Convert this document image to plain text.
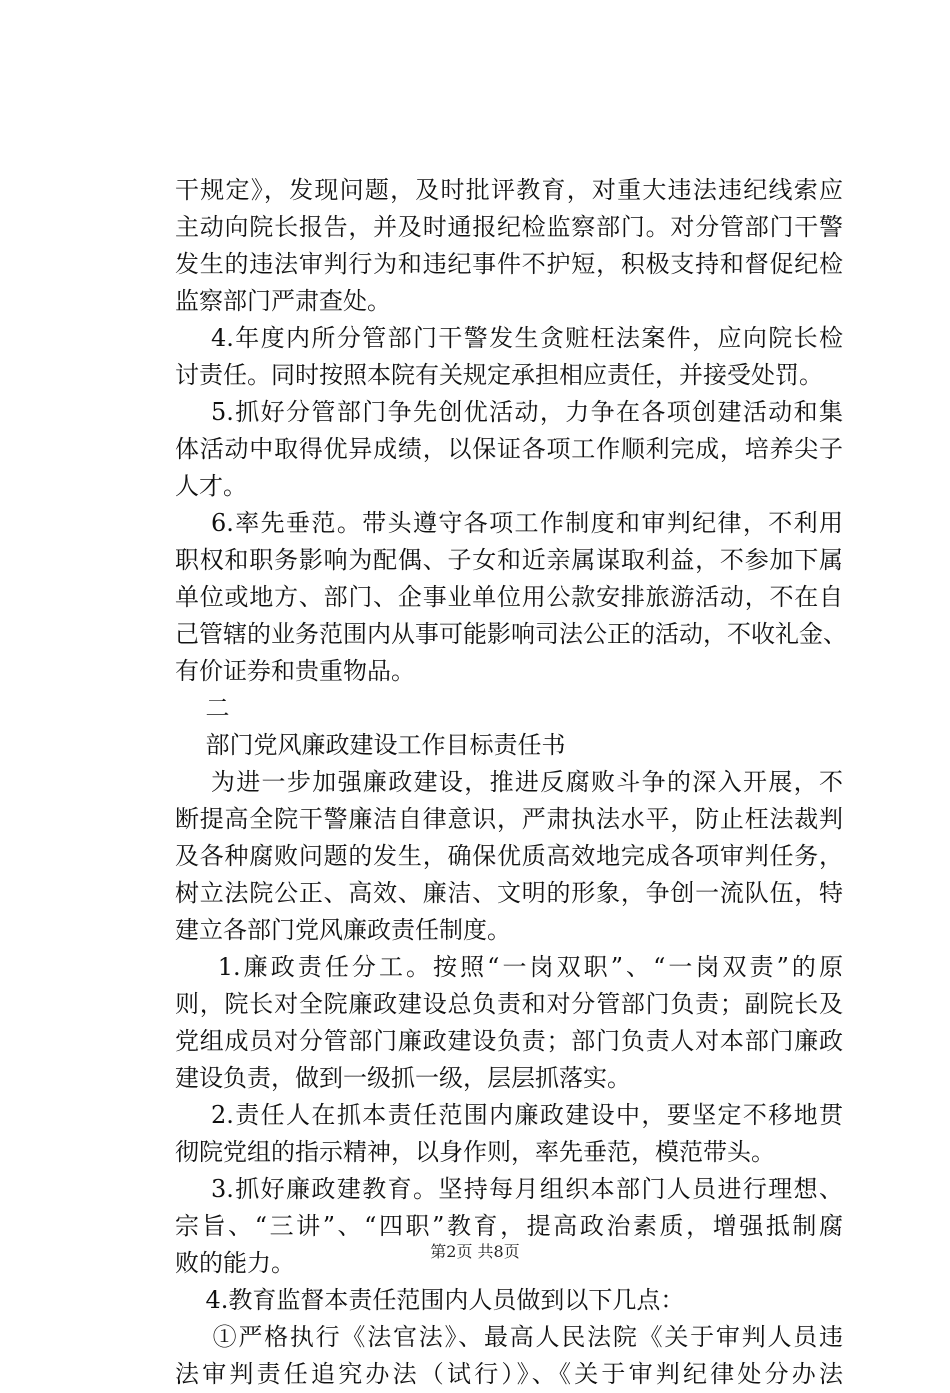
干规定》，发现问题，及时批评教育，对重大违法违纪线索应
主动向院长报告，并及时通报纪检监察部门。对分管部门干警
发生的违法审判行为和违纪事件不护短，积极支持和督促纪检
监察部门严肃查处。
4.年度内所分管部门干警发生贪赃枉法案件，应向院长检
讨责任。同时按照本院有关规定承担相应责任，并接受处罚。
5.抓好分管部门争先创优活动，力争在各项创建活动和集
体活动中取得优异成绩，以保证各项工作顺利完成，培养尖子
人才。
6.率先垂范。带头遵守各项工作制度和审判纪律，不利用
职权和职务影响为配偶、子女和近亲属谋取利益，不参加下属
单位或地方、部门、企事业单位用公款安排旅游活动，不在自
己管辖的业务范围内从事可能影响司法公正的活动，不收礼金、
有价证券和贵重物品。
二
部门党风廉政建设工作目标责任书
为进一步加强廉政建设，推进反腐败斗争的深入开展，不
断提高全院干警廉洁自律意识，严肃执法水平，防止枉法裁判
及各种腐败问题的发生，确保优质高效地完成各项审判任务，
树立法院公正、高效、廉洁、文明的形象，争创一流队伍，特
建立各部门党风廉政责任制度。
1.廉政责任分工。按照“一岗双职”、“一岗双责”的原
则，院长对全院廉政建设总负责和对分管部门负责；副院长及
党组成员对分管部门廉政建设负责；部门负责人对本部门廉政
建设负责，做到一级抓一级，层层抓落实。
2.责任人在抓本责任范围内廉政建设中，要坚定不移地贯
彻院党组的指示精神，以身作则，率先垂范，模范带头。
3.抓好廉政建教育。坚持每月组织本部门人员进行理想、
宗旨、“三讲”、“四职”教育，提高政治素质，增强抵制腐
败的能力。
4.教育监督本责任范围内人员做到以下几点：
①严格执行《法官法》、最高人民法院《关于审判人员违
法审判责任追究办法（试行）》、《关于审判纪律处分办法
第2页 共8页
